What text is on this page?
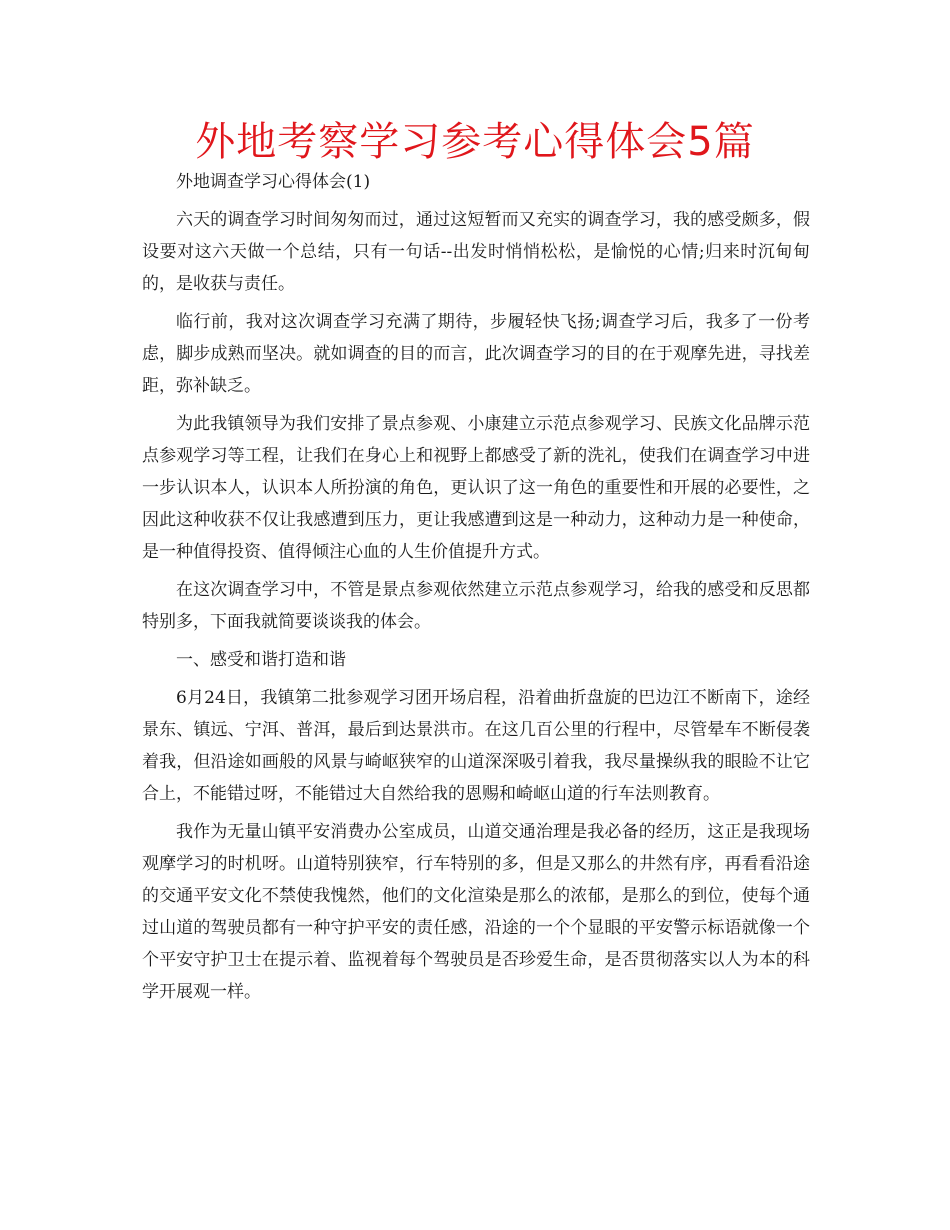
外地考察学习参考心得体会5篇

外地调查学习心得体会(1)

六天的调查学习时间匆匆而过，通过这短暂而又充实的调查学习，我的感受颇多，假设要对这六天做一个总结，只有一句话--出发时悄悄松松，是愉悦的心情;归来时沉甸甸的，是收获与责任。

临行前，我对这次调查学习充满了期待，步履轻快飞扬;调查学习后，我多了一份考虑，脚步成熟而坚决。就如调查的目的而言，此次调查学习的目的在于观摩先进，寻找差距，弥补缺乏。

为此我镇领导为我们安排了景点参观、小康建立示范点参观学习、民族文化品牌示范点参观学习等工程，让我们在身心上和视野上都感受了新的洗礼，使我们在调查学习中进一步认识本人，认识本人所扮演的角色，更认识了这一角色的重要性和开展的必要性，之因此这种收获不仅让我感遭到压力，更让我感遭到这是一种动力，这种动力是一种使命，是一种值得投资、值得倾注心血的人生价值提升方式。

在这次调查学习中，不管是景点参观依然建立示范点参观学习，给我的感受和反思都特别多，下面我就简要谈谈我的体会。

一、感受和谐打造和谐

6月24日，我镇第二批参观学习团开场启程，沿着曲折盘旋的巴边江不断南下，途经景东、镇远、宁洱、普洱，最后到达景洪市。在这几百公里的行程中，尽管晕车不断侵袭着我，但沿途如画般的风景与崎岖狭窄的山道深深吸引着我，我尽量操纵我的眼睑不让它合上，不能错过呀，不能错过大自然给我的恩赐和崎岖山道的行车法则教育。

我作为无量山镇平安消费办公室成员，山道交通治理是我必备的经历，这正是我现场观摩学习的时机呀。山道特别狭窄，行车特别的多，但是又那么的井然有序，再看看沿途的交通平安文化不禁使我愧然，他们的文化渲染是那么的浓郁，是那么的到位，使每个通过山道的驾驶员都有一种守护平安的责任感，沿途的一个个显眼的平安警示标语就像一个个平安守护卫士在提示着、监视着每个驾驶员是否珍爱生命，是否贯彻落实以人为本的科学开展观一样。
